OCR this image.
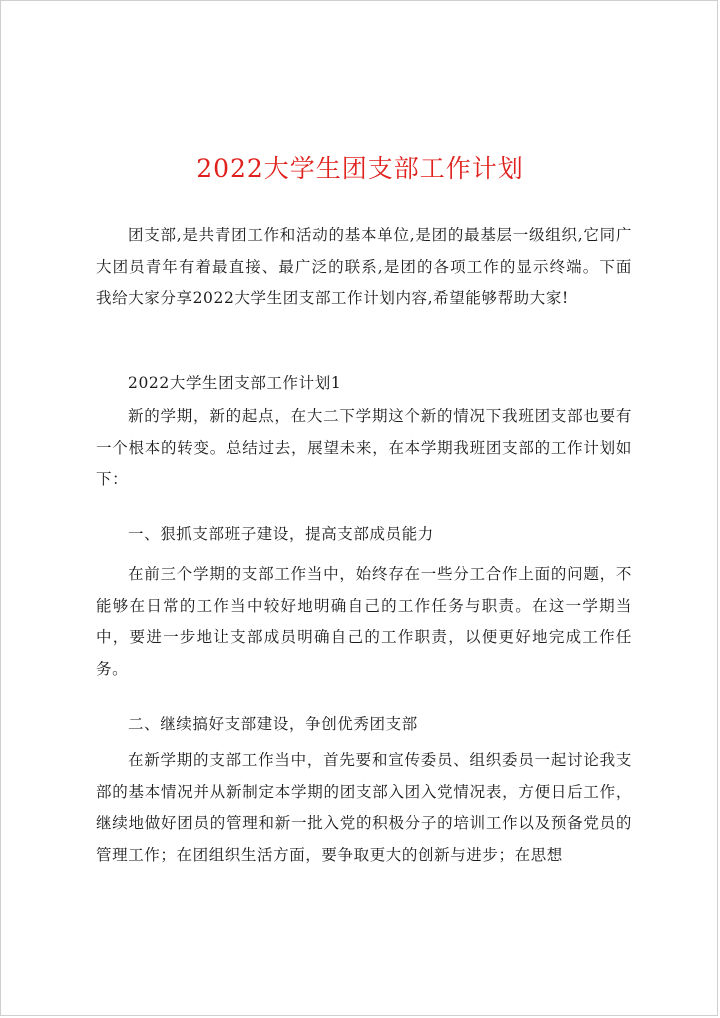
2022大学生团支部工作计划

团支部,是共青团工作和活动的基本单位,是团的最基层一级组织,它同广大团员青年有着最直接、最广泛的联系,是团的各项工作的显示终端。下面我给大家分享2022大学生团支部工作计划内容,希望能够帮助大家!

2022大学生团支部工作计划1

新的学期，新的起点，在大二下学期这个新的情况下我班团支部也要有一个根本的转变。总结过去，展望未来，在本学期我班团支部的工作计划如下：

一、狠抓支部班子建设，提高支部成员能力

在前三个学期的支部工作当中，始终存在一些分工合作上面的问题，不能够在日常的工作当中较好地明确自己的工作任务与职责。在这一学期当中，要进一步地让支部成员明确自己的工作职责，以便更好地完成工作任务。

二、继续搞好支部建设，争创优秀团支部

在新学期的支部工作当中，首先要和宣传委员、组织委员一起讨论我支部的基本情况并从新制定本学期的团支部入团入党情况表，方便日后工作，继续地做好团员的管理和新一批入党的积极分子的培训工作以及预备党员的管理工作；在团组织生活方面，要争取更大的创新与进步；在思想
